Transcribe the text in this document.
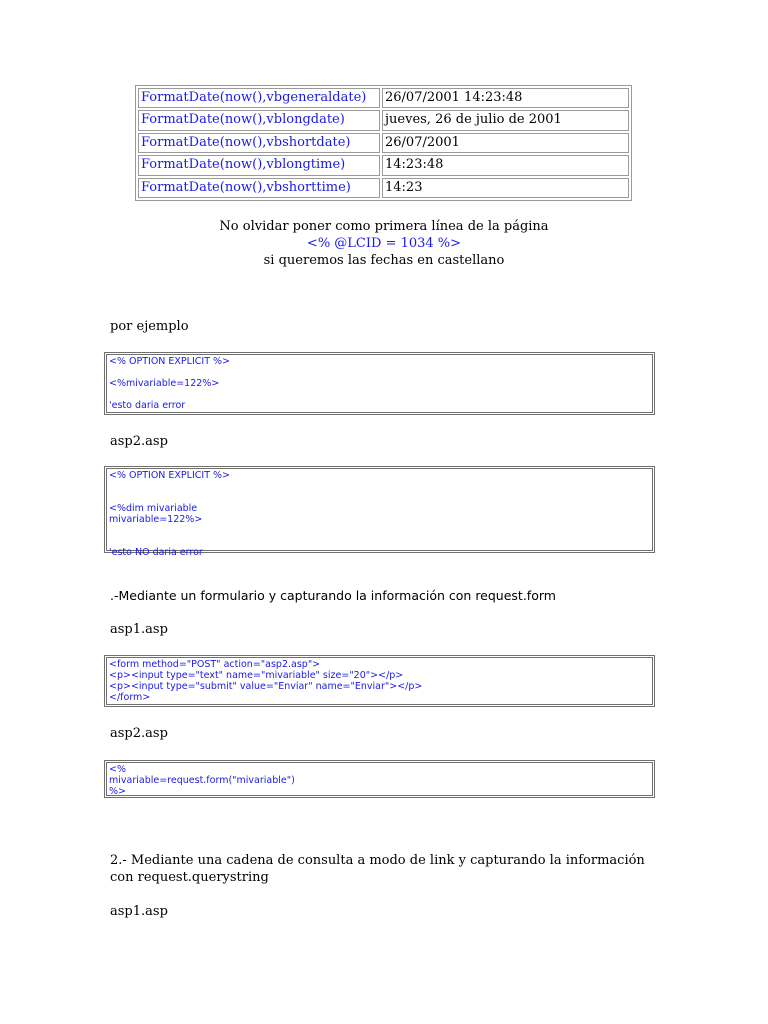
FormatDate(now(),vbgeneraldate)	26/07/2001 14:23:48
FormatDate(now(),vblongdate)	jueves, 26 de julio de 2001
FormatDate(now(),vbshortdate)	26/07/2001
FormatDate(now(),vblongtime)	14:23:48
FormatDate(now(),vbshorttime)	14:23
No olvidar poner como primera línea de la página
<% @LCID = 1034 %>
si queremos las fechas en castellano
por ejemplo
<% OPTION EXPLICIT %>

<%mivariable=122%>

'esto daria error
asp2.asp
<% OPTION EXPLICIT %>

<%dim mivariable
mivariable=122%>

'esto NO daria error
.-Mediante un formulario y capturando la información con request.form
asp1.asp
<form method="POST" action="asp2.asp">
<p><input type="text" name="mivariable" size="20"></p>
<p><input type="submit" value="Enviar" name="Enviar"></p>
</form>
asp2.asp
<%
mivariable=request.form("mivariable")
%>
2.- Mediante una cadena de consulta a modo de link y capturando la información con request.querystring
asp1.asp
